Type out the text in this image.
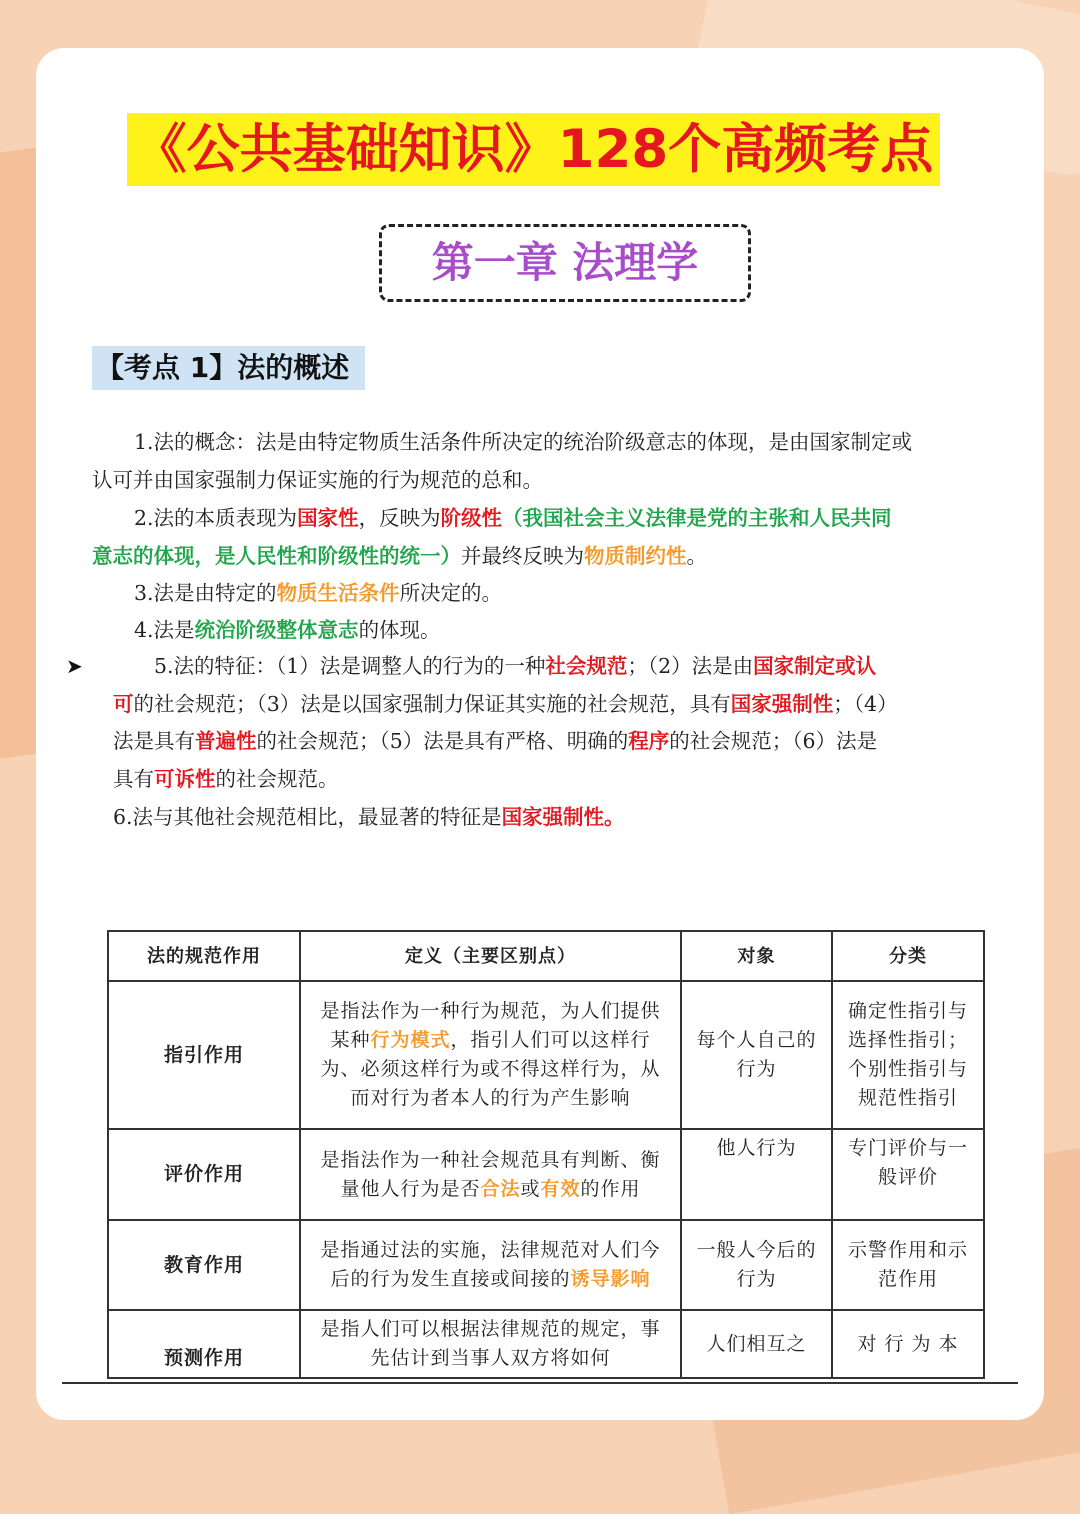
《公共基础知识》128个高频考点
第一章 法理学
【考点 1】法的概述
1.法的概念：法是由特定物质生活条件所决定的统治阶级意志的体现，是由国家制定或
认可并由国家强制力保证实施的行为规范的总和。
2.法的本质表现为国家性，反映为阶级性（我国社会主义法律是党的主张和人民共同
意志的体现，是人民性和阶级性的统一）并最终反映为物质制约性。
3.法是由特定的物质生活条件所决定的。
4.法是统治阶级整体意志的体现。
➤	5.法的特征：（1）法是调整人的行为的一种社会规范；（2）法是由国家制定或认
可的社会规范；（3）法是以国家强制力保证其实施的社会规范，具有国家强制性；（4）
法是具有普遍性的社会规范；（5）法是具有严格、明确的程序的社会规范；（6）法是
具有可诉性的社会规范。
6.法与其他社会规范相比，最显著的特征是国家强制性。
法的规范作用	定义（主要区别点）	对象	分类
指引作用	是指法作为一种行为规范，为人们提供某种行为模式，指引人们可以这样行为、必须这样行为或不得这样行为，从而对行为者本人的行为产生影响	每个人自己的行为	确定性指引与选择性指引；个别性指引与规范性指引
评价作用	是指法作为一种社会规范具有判断、衡量他人行为是否合法或有效的作用	他人行为	专门评价与一般评价
教育作用	是指通过法的实施，法律规范对人们今后的行为发生直接或间接的诱导影响	一般人今后的行为	示警作用和示范作用
预测作用	是指人们可以根据法律规范的规定，事先估计到当事人双方将如何	人们相互之	对 行 为 本
